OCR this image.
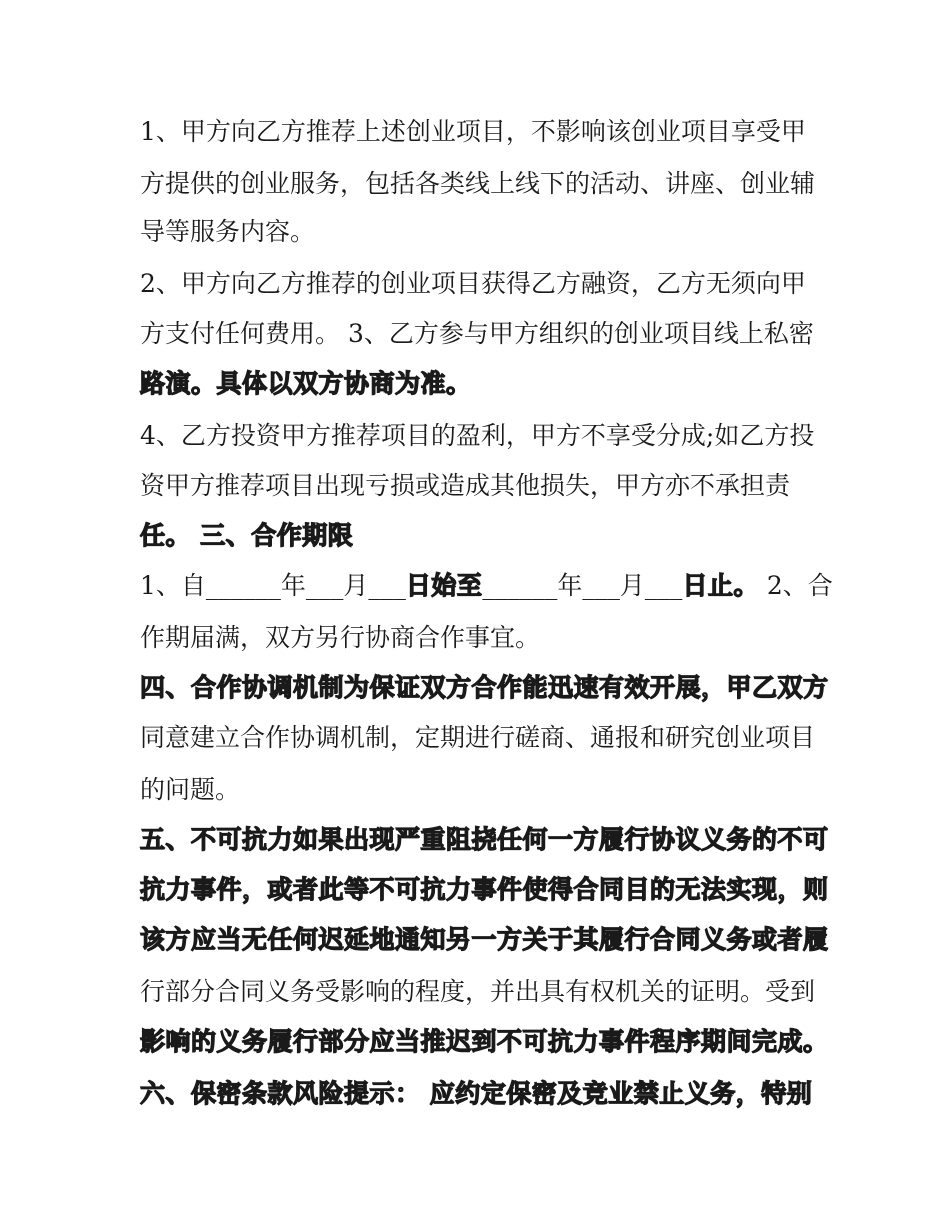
1、甲方向乙方推荐上述创业项目，不影响该创业项目享受甲
方提供的创业服务，包括各类线上线下的活动、讲座、创业辅
导等服务内容。
2、甲方向乙方推荐的创业项目获得乙方融资，乙方无须向甲
方支付任何费用。 3、乙方参与甲方组织的创业项目线上私密
路演。具体以双方协商为准。
4、乙方投资甲方推荐项目的盈利，甲方不享受分成;如乙方投
资甲方推荐项目出现亏损或造成其他损失，甲方亦不承担责
任。 三、合作期限
1、自______年___月___日始至______年___月___日止。 2、合
作期届满，双方另行协商合作事宜。
四、合作协调机制为保证双方合作能迅速有效开展，甲乙双方
同意建立合作协调机制，定期进行磋商、通报和研究创业项目
的问题。
五、不可抗力如果出现严重阻挠任何一方履行协议义务的不可
抗力事件，或者此等不可抗力事件使得合同目的无法实现，则
该方应当无任何迟延地通知另一方关于其履行合同义务或者履
行部分合同义务受影响的程度，并出具有权机关的证明。受到
影响的义务履行部分应当推迟到不可抗力事件程序期间完成。
六、保密条款风险提示： 应约定保密及竞业禁止义务，特别
